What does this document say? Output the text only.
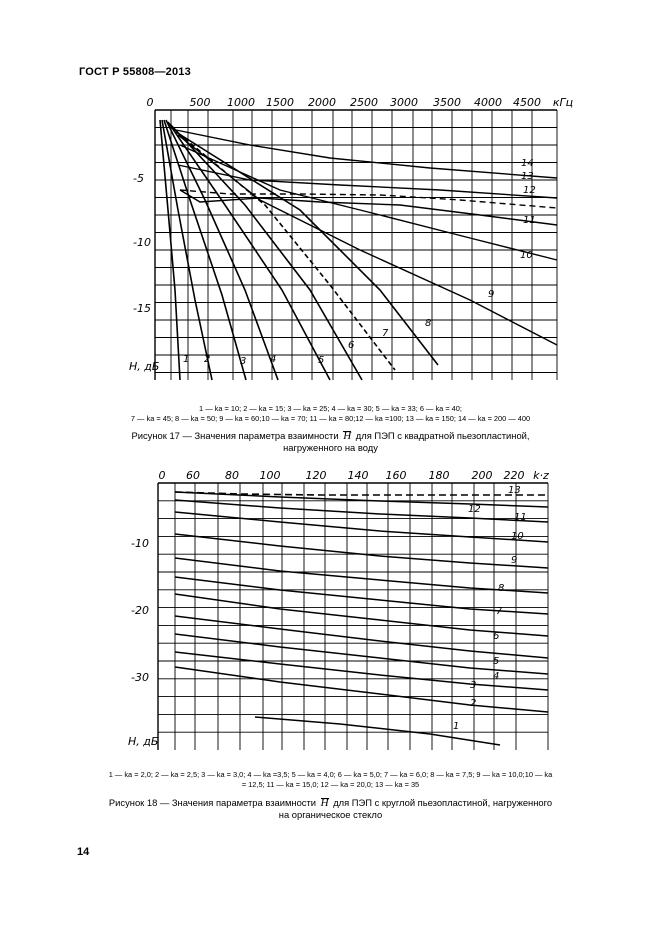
ГОСТ Р 55808—2013
0	500 1000 1500 2000 2500 3000 3500 4000 4500 кГц
-5
-10
-15
H, дБ
1 2	3 4	5
6
7
8
9
10
11
12
13
14
1 — ka = 10; 2 — ka = 15; 3 — ka = 25; 4 — ka = 30; 5 — ka = 33; 6 — ka = 40;
7 — ka = 45; 8 — ka = 50; 9 — ka = 60;10 — ka = 70; 11 — ka = 80;12 — ka =100; 13 — ka = 150; 14 — ka = 200 — 400
Рисунок 17 — Значения параметра взаимности H для ПЭП с квадратной пьезопластиной,
нагруженного на воду
0 60 80 100 120 140 160 180 200 220 k·z
-10
-20
-30
H, дБ
1
2
3
4
5
6
7
8
9
10
11
12
13
1 — ka = 2,0; 2 — ka = 2,5; 3 — ka = 3,0; 4 — ka =3,5; 5 — ka = 4,0; 6 — ka = 5,0; 7 — ka = 6,0; 8 — ka = 7,5; 9 — ka = 10,0;10 — ka
= 12,5; 11 — ka = 15,0; 12 — ka = 20,0; 13 — ka = 35
Рисунок 18 — Значения параметра взаимности H для ПЭП с круглой пьезопластиной, нагруженного
на органическое стекло
14
